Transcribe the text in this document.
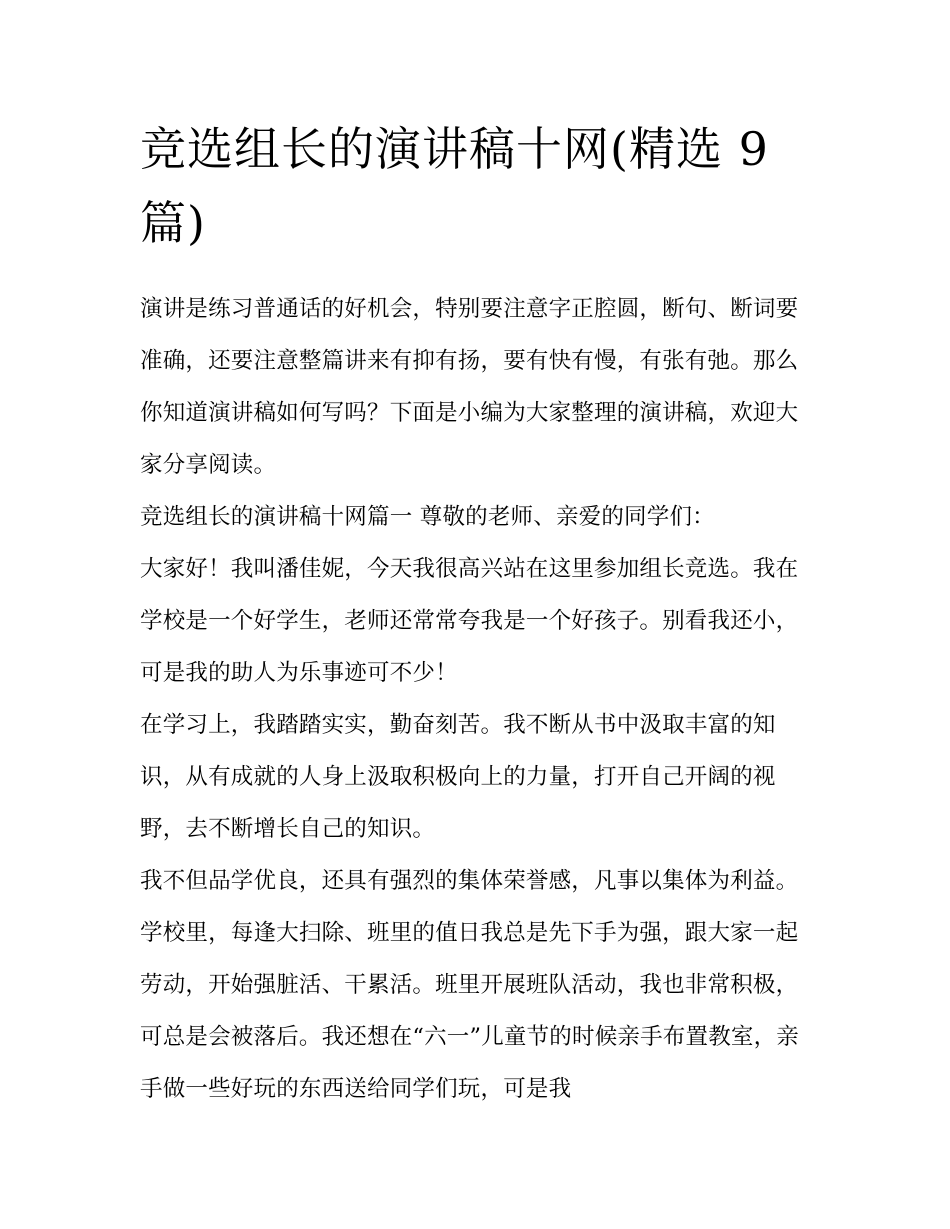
竞选组长的演讲稿十网(精选 9 篇)

演讲是练习普通话的好机会，特别要注意字正腔圆，断句、断词要准确，还要注意整篇讲来有抑有扬，要有快有慢，有张有弛。那么你知道演讲稿如何写吗？下面是小编为大家整理的演讲稿，欢迎大家分享阅读。

竞选组长的演讲稿十网篇一 尊敬的老师、亲爱的同学们：

大家好！我叫潘佳妮，今天我很高兴站在这里参加组长竞选。我在学校是一个好学生，老师还常常夸我是一个好孩子。别看我还小，可是我的助人为乐事迹可不少！

在学习上，我踏踏实实，勤奋刻苦。我不断从书中汲取丰富的知识，从有成就的人身上汲取积极向上的力量，打开自己开阔的视野，去不断增长自己的知识。

我不但品学优良，还具有强烈的集体荣誉感，凡事以集体为利益。学校里，每逢大扫除、班里的值日我总是先下手为强，跟大家一起劳动，开始强脏活、干累活。班里开展班队活动，我也非常积极，可总是会被落后。我还想在“六一”儿童节的时候亲手布置教室，亲手做一些好玩的东西送给同学们玩，可是我
